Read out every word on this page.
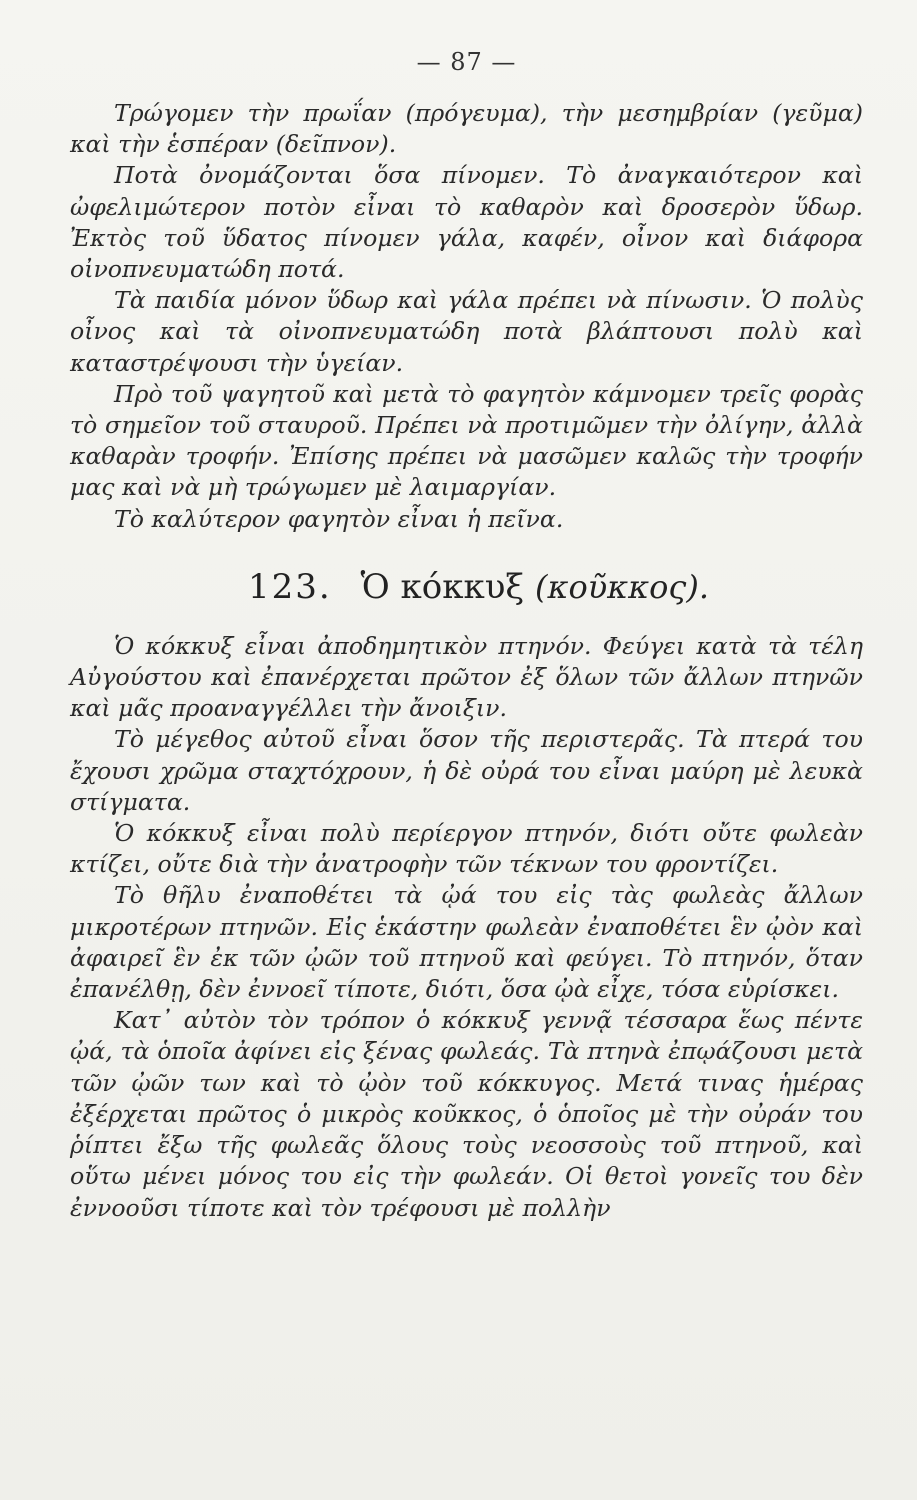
— 87 —

Τρώγομεν τὴν πρωΐαν (πρόγευμα), τὴν μεσημβρίαν (γεῦμα) καὶ τὴν ἑσπέραν (δεῖπνον).

Ποτὰ ὀνομάζονται ὅσα πίνομεν. Τὸ ἀναγκαιότερον καὶ ὠφελιμώτερον ποτὸν εἶναι τὸ καθαρὸν καὶ δροσερὸν ὕδωρ. Ἐκτὸς τοῦ ὕδατος πίνομεν γάλα, καφέν, οἶνον καὶ διάφορα οἰνοπνευματώδη ποτά.

Τὰ παιδία μόνον ὕδωρ καὶ γάλα πρέπει νὰ πίνωσιν. Ὁ πολὺς οἶνος καὶ τὰ οἰνοπνευματώδη ποτὰ βλάπτουσι πολὺ καὶ καταστρέψουσι τὴν ὑγείαν.

Πρὸ τοῦ ψαγητοῦ καὶ μετὰ τὸ φαγητὸν κάμνομεν τρεῖς φορὰς τὸ σημεῖον τοῦ σταυροῦ. Πρέπει νὰ προτιμῶμεν τὴν ὀλίγην, ἀλλὰ καθαρὰν τροφήν. Ἐπίσης πρέπει νὰ μασῶμεν καλῶς τὴν τροφήν μας καὶ νὰ μὴ τρώγωμεν μὲ λαιμαργίαν.

Τὸ καλύτερον φαγητὸν εἶναι ἡ πεῖνα.

123. Ὁ κόκκυξ (κοῦκκος).

Ὁ κόκκυξ εἶναι ἀποδημητικὸν πτηνόν. Φεύγει κατὰ τὰ τέλη Αὐγούστου καὶ ἐπανέρχεται πρῶτον ἐξ ὅλων τῶν ἄλλων πτηνῶν καὶ μᾶς προαναγγέλλει τὴν ἄνοιξιν.

Τὸ μέγεθος αὐτοῦ εἶναι ὅσον τῆς περιστερᾶς. Τὰ πτερά του ἔχουσι χρῶμα σταχτόχρουν, ἡ δὲ οὐρά του εἶναι μαύρη μὲ λευκὰ στίγματα.

Ὁ κόκκυξ εἶναι πολὺ περίεργον πτηνόν, διότι οὔτε φωλεὰν κτίζει, οὔτε διὰ τὴν ἀνατροφὴν τῶν τέκνων του φροντίζει.

Τὸ θῆλυ ἐναποθέτει τὰ ᾠά του εἰς τὰς φωλεὰς ἄλλων μικροτέρων πτηνῶν. Εἰς ἑκάστην φωλεὰν ἐναποθέτει ἓν ᾠὸν καὶ ἀφαιρεῖ ἓν ἐκ τῶν ᾠῶν τοῦ πτηνοῦ καὶ φεύγει. Τὸ πτηνόν, ὅταν ἐπανέλθῃ, δὲν ἐννοεῖ τίποτε, διότι, ὅσα ᾠὰ εἶχε, τόσα εὑρίσκει.

Κατ᾽ αὐτὸν τὸν τρόπον ὁ κόκκυξ γεννᾷ τέσσαρα ἕως πέντε ᾠά, τὰ ὁποῖα ἀφίνει εἰς ξένας φωλεάς. Τὰ πτηνὰ ἐπῳάζουσι μετὰ τῶν ᾠῶν των καὶ τὸ ᾠὸν τοῦ κόκκυγος. Μετά τινας ἡμέρας ἐξέρχεται πρῶτος ὁ μικρὸς κοῦκκος, ὁ ὁποῖος μὲ τὴν οὐράν του ῥίπτει ἔξω τῆς φωλεᾶς ὅλους τοὺς νεοσσοὺς τοῦ πτηνοῦ, καὶ οὕτω μένει μόνος του εἰς τὴν φωλεάν. Οἱ θετοὶ γονεῖς του δὲν ἐννοοῦσι τίποτε καὶ τὸν τρέφουσι μὲ πολλὴν
